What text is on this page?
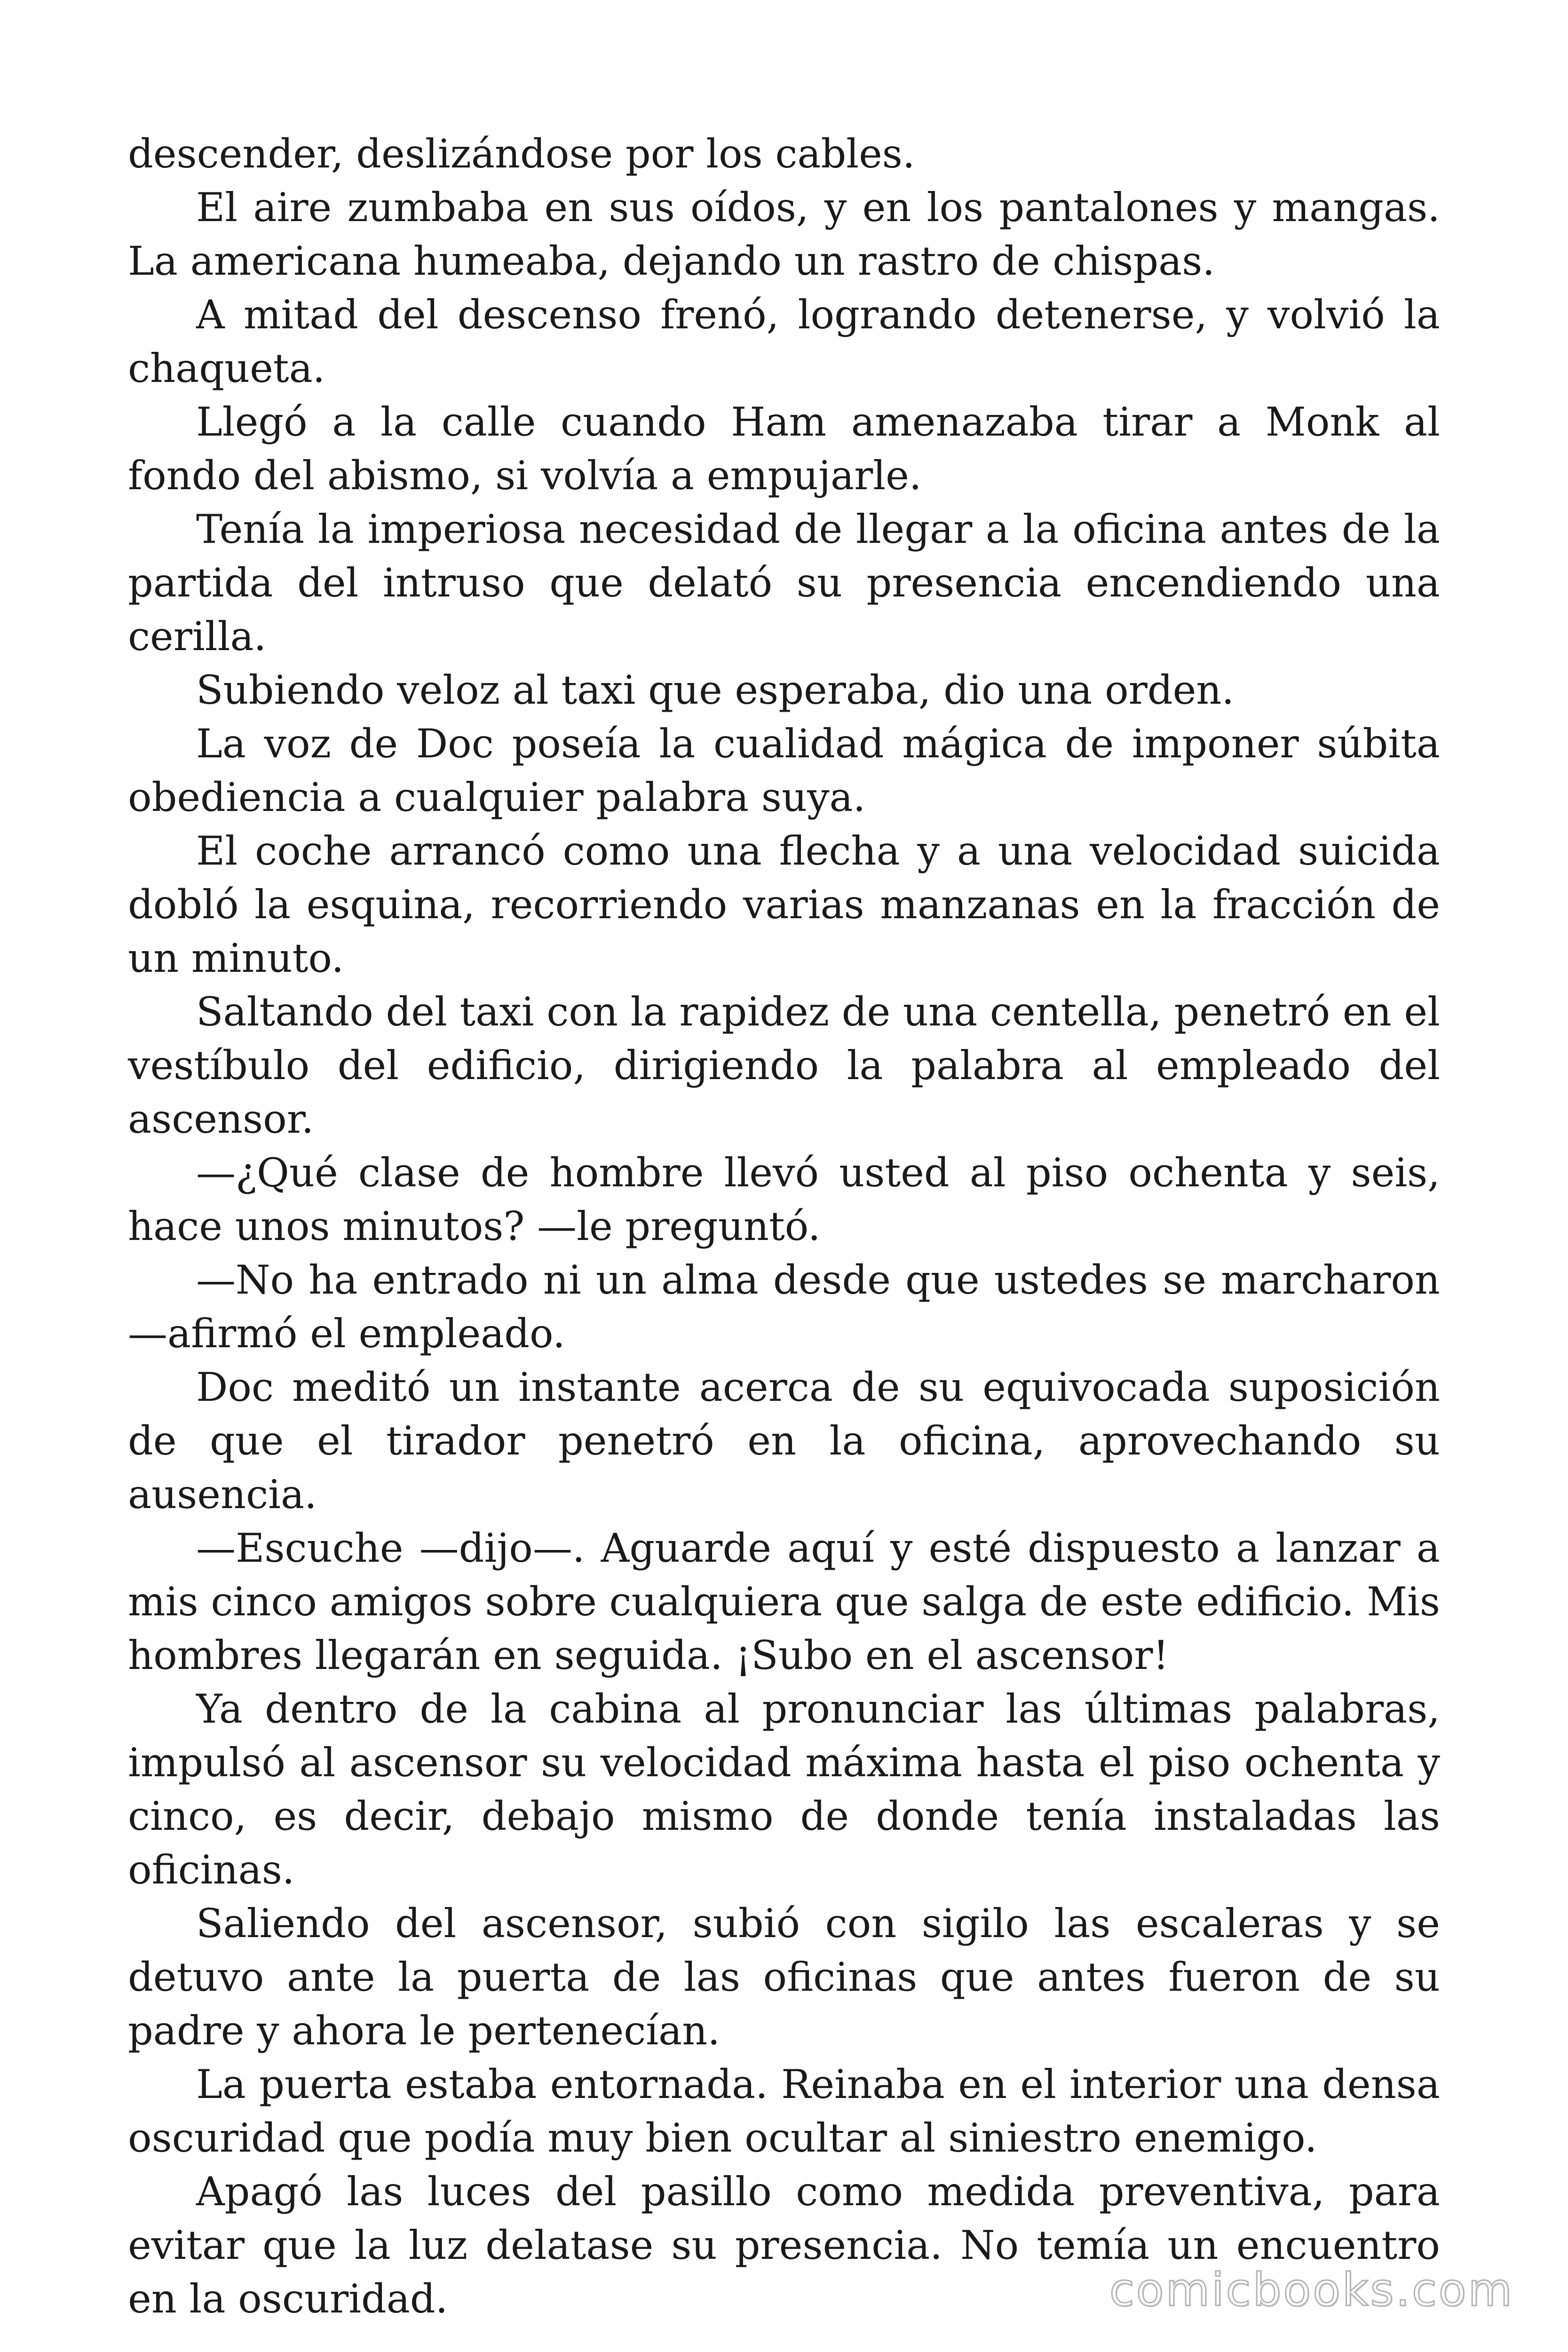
descender, deslizándose por los cables.

El aire zumbaba en sus oídos, y en los pantalones y mangas. La americana humeaba, dejando un rastro de chispas.

A mitad del descenso frenó, logrando detenerse, y volvió la chaqueta.

Llegó a la calle cuando Ham amenazaba tirar a Monk al fondo del abismo, si volvía a empujarle.

Tenía la imperiosa necesidad de llegar a la oficina antes de la partida del intruso que delató su presencia encendiendo una cerilla.

Subiendo veloz al taxi que esperaba, dio una orden.

La voz de Doc poseía la cualidad mágica de imponer súbita obediencia a cualquier palabra suya.

El coche arrancó como una flecha y a una velocidad suicida dobló la esquina, recorriendo varias manzanas en la fracción de un minuto.

Saltando del taxi con la rapidez de una centella, penetró en el vestíbulo del edificio, dirigiendo la palabra al empleado del ascensor.

—¿Qué clase de hombre llevó usted al piso ochenta y seis, hace unos minutos? —le preguntó.

—No ha entrado ni un alma desde que ustedes se marcharon —afirmó el empleado.

Doc meditó un instante acerca de su equivocada suposición de que el tirador penetró en la oficina, aprovechando su ausencia.

—Escuche —dijo—. Aguarde aquí y esté dispuesto a lanzar a mis cinco amigos sobre cualquiera que salga de este edificio. Mis hombres llegarán en seguida. ¡Subo en el ascensor!

Ya dentro de la cabina al pronunciar las últimas palabras, impulsó al ascensor su velocidad máxima hasta el piso ochenta y cinco, es decir, debajo mismo de donde tenía instaladas las oficinas.

Saliendo del ascensor, subió con sigilo las escaleras y se detuvo ante la puerta de las oficinas que antes fueron de su padre y ahora le pertenecían.

La puerta estaba entornada. Reinaba en el interior una densa oscuridad que podía muy bien ocultar al siniestro enemigo.

Apagó las luces del pasillo como medida preventiva, para evitar que la luz delatase su presencia. No temía un encuentro en la oscuridad.	comicbooks.com
